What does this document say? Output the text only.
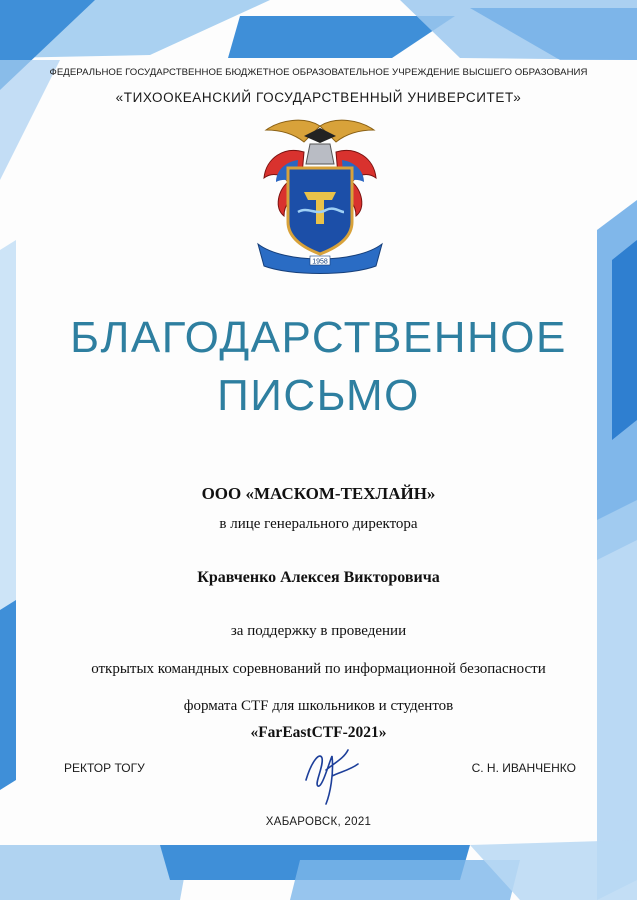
ФЕДЕРАЛЬНОЕ ГОСУДАРСТВЕННОЕ БЮДЖЕТНОЕ ОБРАЗОВАТЕЛЬНОЕ УЧРЕЖДЕНИЕ ВЫСШЕГО ОБРАЗОВАНИЯ
«ТИХООКЕАНСКИЙ ГОСУДАРСТВЕННЫЙ УНИВЕРСИТЕТ»
1958
БЛАГОДАРСТВЕННОЕ
ПИСЬМО
ООО «МАСКОМ-ТЕХЛАЙН»
в лице генерального директора
Кравченко Алексея Викторовича
за поддержку в проведении
открытых командных соревнований по информационной безопасности
формата CTF для школьников и студентов
«FarEastCTF-2021»
РЕКТОР ТОГУ	С. Н. ИВАНЧЕНКО
ХАБАРОВСК, 2021
